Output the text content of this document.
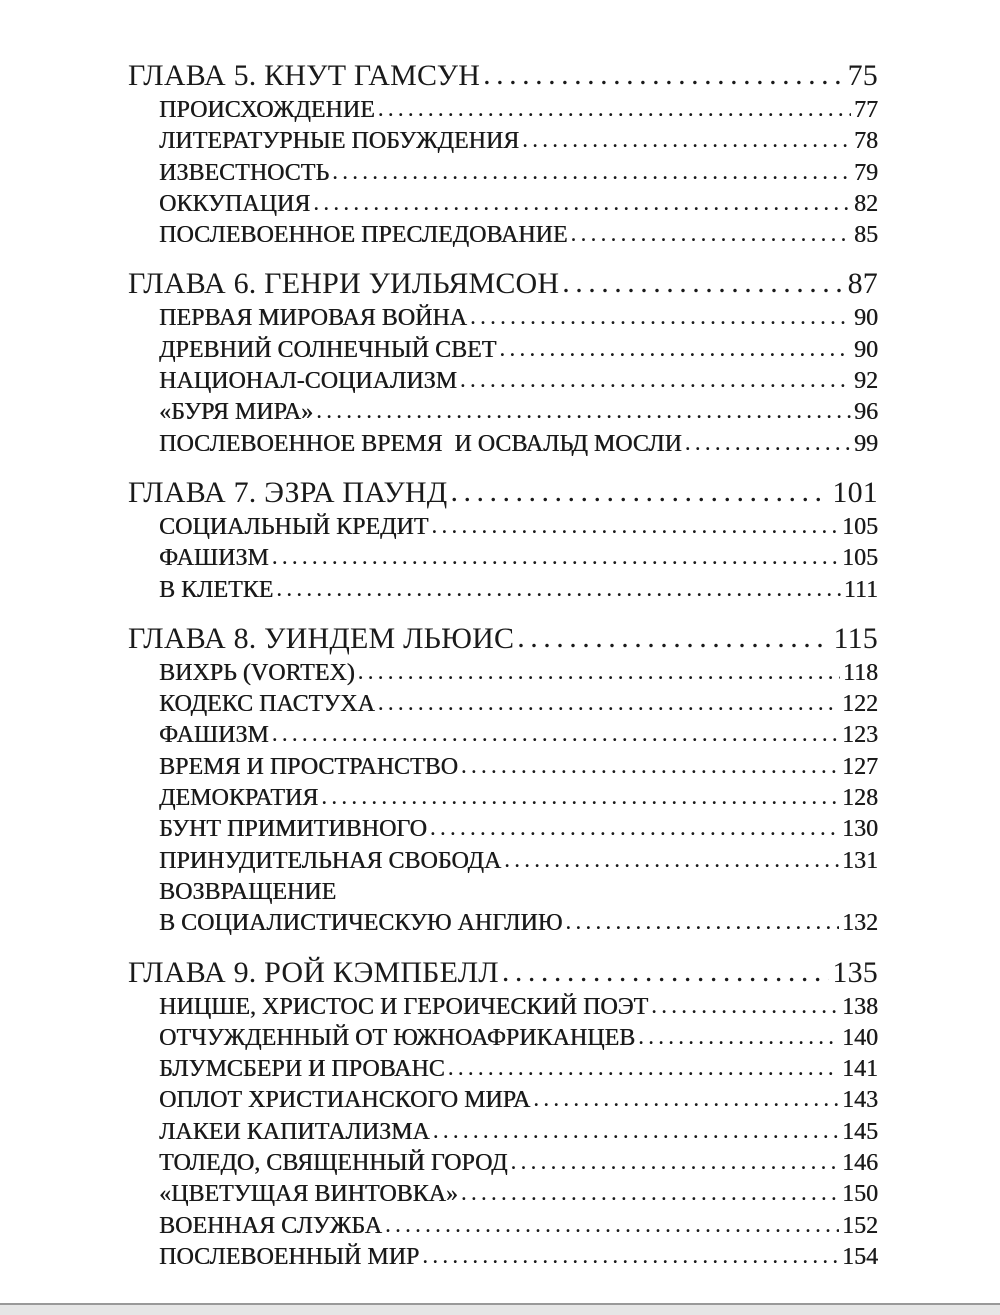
ГЛАВА 5. КНУТ ГАМСУН . . .	75
ПРОИСХОЖДЕНИЕ . . .	77
ЛИТЕРАТУРНЫЕ ПОБУЖДЕНИЯ . . .	78
ИЗВЕСТНОСТЬ . . .	79
ОККУПАЦИЯ . . .	82
ПОСЛЕВОЕННОЕ ПРЕСЛЕДОВАНИЕ . . .	85
ГЛАВА 6. ГЕНРИ УИЛЬЯМСОН . . .	87
ПЕРВАЯ МИРОВАЯ ВОЙНА . . .	90
ДРЕВНИЙ СОЛНЕЧНЫЙ СВЕТ . . .	90
НАЦИОНАЛ-СОЦИАЛИЗМ . . .	92
«БУРЯ МИРА» . . .	96
ПОСЛЕВОЕННОЕ ВРЕМЯ  И ОСВАЛЬД МОСЛИ . . .	99
ГЛАВА 7. ЭЗРА ПАУНД . . .	101
СОЦИАЛЬНЫЙ КРЕДИТ . . .	105
ФАШИЗМ . . .	105
В КЛЕТКЕ . . .	111
ГЛАВА 8. УИНДЕМ ЛЬЮИС . . .	115
ВИХРЬ (VORTEX) . . .	118
КОДЕКС ПАСТУХА . . .	122
ФАШИЗМ . . .	123
ВРЕМЯ И ПРОСТРАНСТВО . . .	127
ДЕМОКРАТИЯ . . .	128
БУНТ ПРИМИТИВНОГО . . .	130
ПРИНУДИТЕЛЬНАЯ СВОБОДА . . .	131
ВОЗВРАЩЕНИЕ
В СОЦИАЛИСТИЧЕСКУЮ АНГЛИЮ . . .	132
ГЛАВА 9. РОЙ КЭМПБЕЛЛ . . .	135
НИЦШЕ, ХРИСТОС И ГЕРОИЧЕСКИЙ ПОЭТ . . .	138
ОТЧУЖДЕННЫЙ ОТ ЮЖНОАФРИКАНЦЕВ . . .	140
БЛУМСБЕРИ И ПРОВАНС . . .	141
ОПЛОТ ХРИСТИАНСКОГО МИРА . . .	143
ЛАКЕИ КАПИТАЛИЗМА . . .	145
ТОЛЕДО, СВЯЩЕННЫЙ ГОРОД . . .	146
«ЦВЕТУЩАЯ ВИНТОВКА» . . .	150
ВОЕННАЯ СЛУЖБА . . .	152
ПОСЛЕВОЕННЫЙ МИР . . .	154
